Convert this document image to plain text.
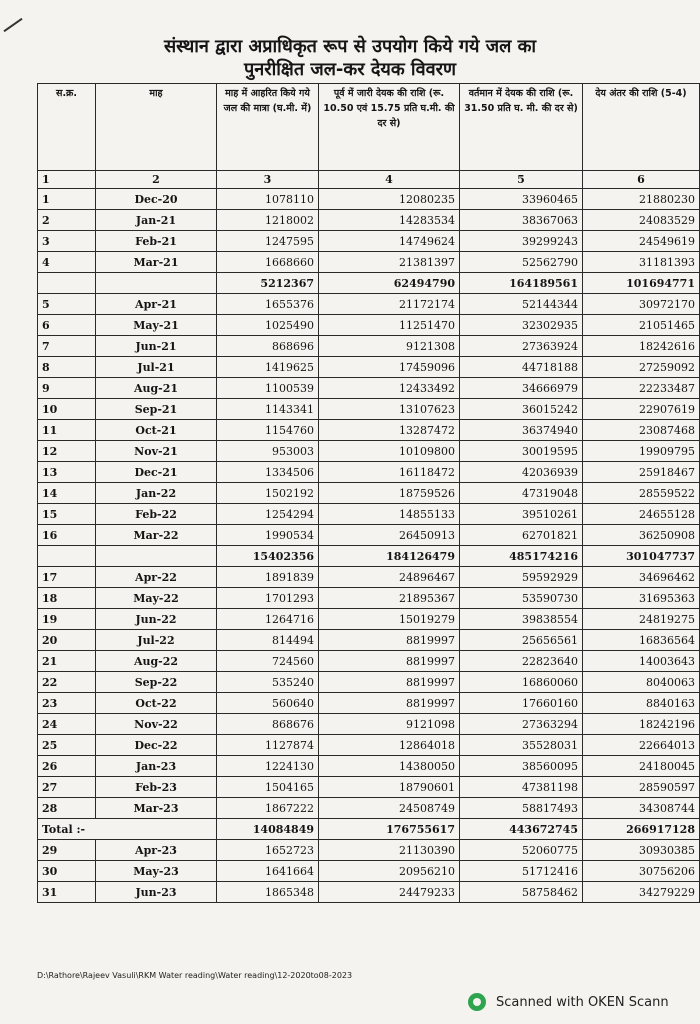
संस्थान द्वारा अप्राधिकृत रूप से उपयोग किये गये जल का
पुनरीक्षित जल-कर देयक विवरण
स.क्र.	माह	माह में आहरित किये गये जल की मात्रा (घ.मी. में)	पूर्व में जारी देयक की राशि (रू. 10.50 एवं 15.75 प्रति घ.मी. की दर से)	वर्तमान में देयक की राशि (रू. 31.50 प्रति घ. मी. की दर से)	देय अंतर की राशि (5-4)
1	2	3	4	5	6
1	Dec-20	1078110	12080235	33960465	21880230
2	Jan-21	1218002	14283534	38367063	24083529
3	Feb-21	1247595	14749624	39299243	24549619
4	Mar-21	1668660	21381397	52562790	31181393
		5212367	62494790	164189561	101694771
5	Apr-21	1655376	21172174	52144344	30972170
6	May-21	1025490	11251470	32302935	21051465
7	Jun-21	868696	9121308	27363924	18242616
8	Jul-21	1419625	17459096	44718188	27259092
9	Aug-21	1100539	12433492	34666979	22233487
10	Sep-21	1143341	13107623	36015242	22907619
11	Oct-21	1154760	13287472	36374940	23087468
12	Nov-21	953003	10109800	30019595	19909795
13	Dec-21	1334506	16118472	42036939	25918467
14	Jan-22	1502192	18759526	47319048	28559522
15	Feb-22	1254294	14855133	39510261	24655128
16	Mar-22	1990534	26450913	62701821	36250908
		15402356	184126479	485174216	301047737
17	Apr-22	1891839	24896467	59592929	34696462
18	May-22	1701293	21895367	53590730	31695363
19	Jun-22	1264716	15019279	39838554	24819275
20	Jul-22	814494	8819997	25656561	16836564
21	Aug-22	724560	8819997	22823640	14003643
22	Sep-22	535240	8819997	16860060	8040063
23	Oct-22	560640	8819997	17660160	8840163
24	Nov-22	868676	9121098	27363294	18242196
25	Dec-22	1127874	12864018	35528031	22664013
26	Jan-23	1224130	14380050	38560095	24180045
27	Feb-23	1504165	18790601	47381198	28590597
28	Mar-23	1867222	24508749	58817493	34308744
Total :-		14084849	176755617	443672745	266917128
29	Apr-23	1652723	21130390	52060775	30930385
30	May-23	1641664	20956210	51712416	30756206
31	Jun-23	1865348	24479233	58758462	34279229
D:\Rathore\Rajeev Vasuli\RKM Water reading\Water reading\12-2020to08-2023
Scanned with OKEN Scann
